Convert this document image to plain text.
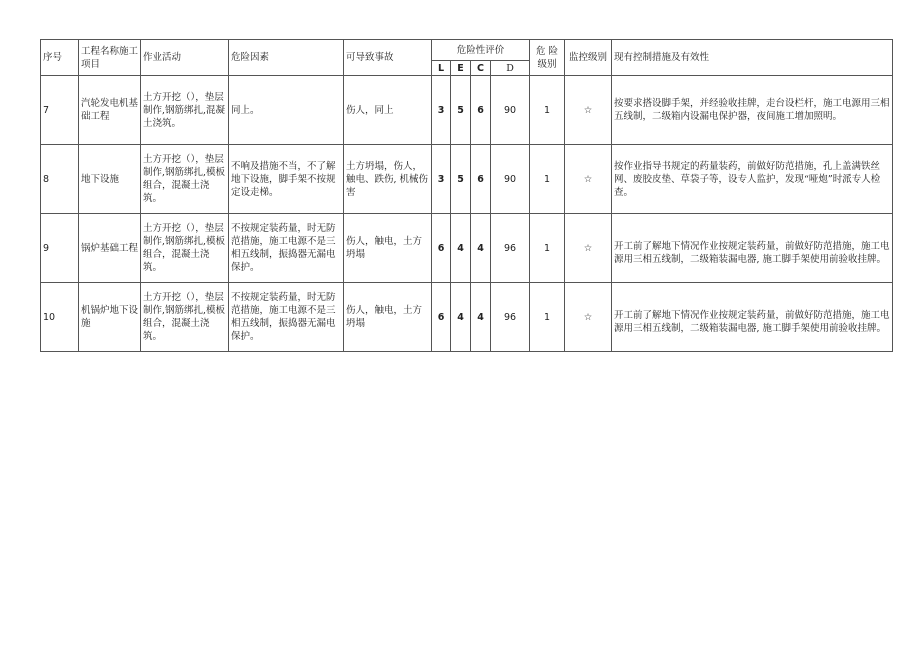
序号	工程名称施工项目	作业活动	危险因素	可导致事故	危险性评价				危 险级别	监控级别	现有控制措施及有效性
					L	E	C	D			
7	汽轮发电机基础工程	土方开挖（），垫层制作,钢筋绑扎,混凝土浇筑。	同上。	伤人，同上	3	5	6	90	1	☆	按要求搭设脚手架，并经验收挂牌，走台设栏杆，施工电源用三相五线制，二级箱内设漏电保护器，夜间施工增加照明。
8	地下设施	土方开挖（），垫层制作,钢筋绑扎,模板组合，混凝土浇筑。	不响及措施不当，不了解地下设施，脚手架不按规定设走梯。	土方坍塌，伤人，触电、跌伤, 机械伤害	3	5	6	90	1	☆	按作业指导书规定的药量装药，前做好防范措施，孔上盖满铁丝网、废胶皮垫、草袋子等，设专人监护，发现“哑炮”时派专人检查。
9	锅炉基础工程	土方开挖（），垫层制作,钢筋绑扎,模板组合，混凝土浇筑。	不按规定装药量，时无防范措施，施工电源不是三相五线制，振捣器无漏电保护。	伤人，触电，土方坍塌	6	4	4	96	1	☆	开工前了解地下情况作业按规定装药量，前做好防范措施，施工电源用三相五线制，二级箱装漏电器, 施工脚手架使用前验收挂牌。
10	机锅炉地下设施	土方开挖（），垫层制作,钢筋绑扎,模板组合，混凝土浇筑。	不按规定装药量，时无防范措施，施工电源不是三相五线制，振捣器无漏电保护。	伤人，触电，土方坍塌	6	4	4	96	1	☆	开工前了解地下情况作业按规定装药量，前做好防范措施，施工电源用三相五线制，二级箱装漏电器, 施工脚手架使用前验收挂牌。
